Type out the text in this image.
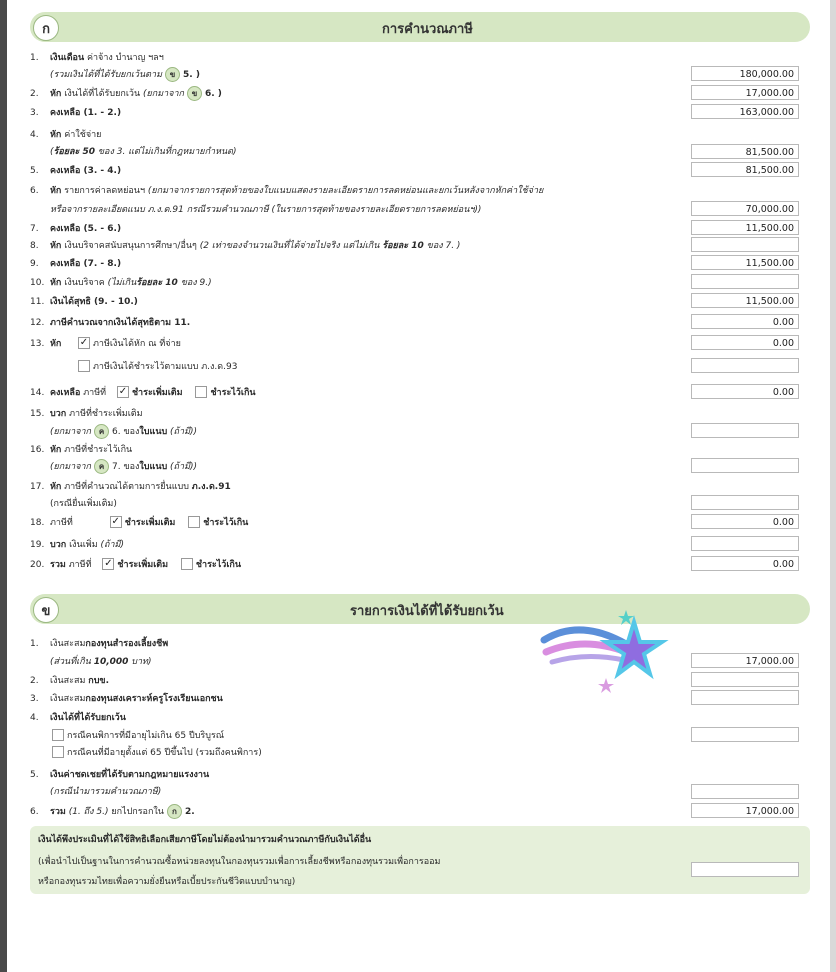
ก	การคำนวณภาษี
1. เงินเดือน ค่าจ้าง บำนาญ ฯลฯ
(รวมเงินได้ที่ได้รับยกเว้นตาม ข 5. )	180,000.00
2. หัก เงินได้ที่ได้รับยกเว้น (ยกมาจาก ข 6. )	17,000.00
3. คงเหลือ (1. - 2.)	163,000.00
4. หัก ค่าใช้จ่าย
(ร้อยละ 50 ของ 3. แต่ไม่เกินที่กฎหมายกำหนด)	81,500.00
5. คงเหลือ (3. - 4.)	81,500.00
6. หัก รายการค่าลดหย่อนฯ (ยกมาจากรายการสุดท้ายของใบแนบแสดงรายละเอียดรายการลดหย่อนและยกเว้นหลังจากหักค่าใช้จ่าย
หรือจากรายละเอียดแนบ ภ.ง.ด.91 กรณีรวมคำนวณภาษี (ในรายการสุดท้ายของรายละเอียดรายการลดหย่อนฯ))	70,000.00
7. คงเหลือ (5. - 6.)	11,500.00
8. หัก เงินบริจาคสนับสนุนการศึกษา/อื่นๆ (2 เท่าของจำนวนเงินที่ได้จ่ายไปจริง แต่ไม่เกิน ร้อยละ 10 ของ 7. )
9. คงเหลือ (7. - 8.)	11,500.00
10. หัก เงินบริจาค (ไม่เกินร้อยละ 10 ของ 9.)
11. เงินได้สุทธิ (9. - 10.)	11,500.00
12. ภาษีคำนวณจากเงินได้สุทธิตาม 11.	0.00
13. หัก ✓ ภาษีเงินได้หัก ณ ที่จ่าย	0.00
ภาษีเงินได้ชำระไว้ตามแบบ ภ.ง.ด.93
14. คงเหลือ ภาษีที่ ✓ ชำระเพิ่มเติม	ชำระไว้เกิน	0.00
15. บวก ภาษีที่ชำระเพิ่มเติม
(ยกมาจาก ค 6. ของใบแนบ (ถ้ามี))
16. หัก ภาษีที่ชำระไว้เกิน
(ยกมาจาก ค 7. ของใบแนบ (ถ้ามี))
17. หัก ภาษีที่คำนวณได้ตามการยื่นแบบ ภ.ง.ด.91
(กรณียื่นเพิ่มเติม)
18. ภาษีที่	✓ ชำระเพิ่มเติม	ชำระไว้เกิน	0.00
19. บวก เงินเพิ่ม (ถ้ามี)
20. รวม ภาษีที่ ✓ ชำระเพิ่มเติม	ชำระไว้เกิน	0.00
ข	รายการเงินได้ที่ได้รับยกเว้น
1. เงินสะสมกองทุนสำรองเลี้ยงชีพ
(ส่วนที่เกิน 10,000 บาท)	17,000.00
2. เงินสะสม กบข.
3. เงินสะสมกองทุนสงเคราะห์ครูโรงเรียนเอกชน
4. เงินได้ที่ได้รับยกเว้น
กรณีคนพิการที่มีอายุไม่เกิน 65 ปีบริบูรณ์
กรณีคนที่มีอายุตั้งแต่ 65 ปีขึ้นไป (รวมถึงคนพิการ)
5. เงินค่าชดเชยที่ได้รับตามกฎหมายแรงงาน
(กรณีนำมารวมคำนวณภาษี)
6. รวม (1. ถึง 5.) ยกไปกรอกใน ก 2.	17,000.00
เงินได้พึงประเมินที่ได้ใช้สิทธิเลือกเสียภาษีโดยไม่ต้องนำมารวมคำนวณภาษีกับเงินได้อื่น
(เพื่อนำไปเป็นฐานในการคำนวณซื้อหน่วยลงทุนในกองทุนรวมเพื่อการเลี้ยงชีพหรือกองทุนรวมเพื่อการออม
หรือกองทุนรวมไทยเพื่อความยั่งยืนหรือเบี้ยประกันชีวิตแบบบำนาญ)
